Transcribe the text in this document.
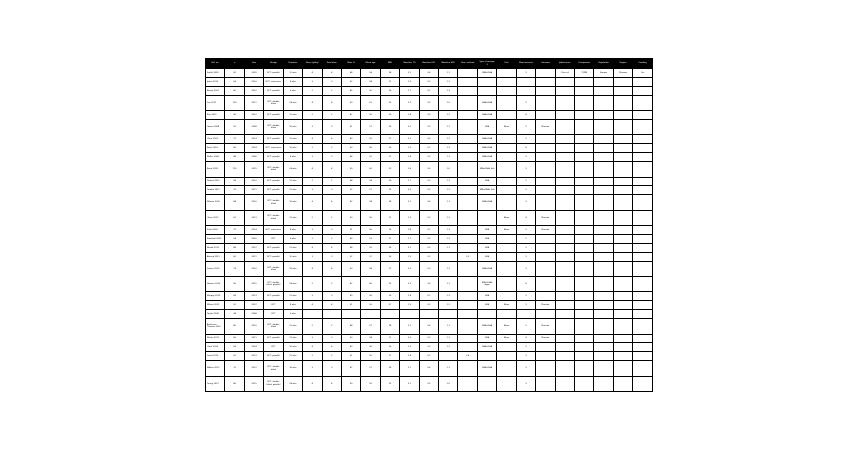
Ref. no.	n	Year	Design	Duration	Dose (g/day)	Total dose	Male %	Mean age	BMI	Baseline TG	Baseline LDL	Baseline HDL	Stat. method	Type of omega-3	Unit	Measurement	Outcome	Jadad score	Comparator	Population	Region	Funding
Smith 2009	82	2009	RCT, parallel	12 wks	4	4	48	54	28	2.1	3.4	1.1		EPA+DHA		3		Olive oil	T2DM	Europe	Pharma	Yes
Jones 2010	64	2010	RCT, cross-over	8 wks	3	3	52	58	27	1.9	3.2	1.2										
Brown 2007	40	2007	RCT, parallel	6 wks	2	2	45	50	26	1.7	3.1	1.3										
Lee 2011	120	2011	RCT, double blind	24 wks	4	4	50	61	29	2.3	3.5	1.0		EPA+DHA		3						
Kim 2012	56	2012	RCT, parallel	12 wks	2	2	47	55	25	1.8	3.0	1.2		EPA+DHA		4						
Garcia 2008	90	2008	RCT, double blind	16 wks	3	3	51	57	28	2.0	3.3	1.1		EPA	Mean	3	Placebo					
Chen 2013	72	2013	RCT, parallel	12 wks	4	4	49	59	27	2.2	3.4	1.2		EPA+DHA		3						
Patel 2014	66	2014	RCT, cross-over	10 wks	2	2	53	56	26	1.9	3.1	1.3		EPA+DHA		4						
Muller 2006	48	2006	RCT, parallel	8 wks	3	3	46	52	27	1.8	3.2	1.1		EPA+DHA		3						
Rossi 2015	110	2015	RCT, double blind	24 wks	4	4	50	60	29	2.4	3.6	1.0		EPA+DHA, fish		3						
Dubois 2012	58	2012	RCT, parallel	12 wks	2	2	48	54	26	1.7	3.0	1.2		EPA		2						
Tanaka 2011	76	2011	RCT, parallel	12 wks	3	3	52	57	25	2.0	3.3	1.2		EPA+DHA, krill		3						
Nilsson 2010	84	2010	RCT, double blind	16 wks	4	4	47	58	28	2.1	3.4	1.1		EPA+DHA		3						
Olsen 2013	62	2013	RCT, double blind	12 wks	2	2	50	55	27	1.9	3.2	1.2			Mean	4	Placebo					
Silva 2014	70	2014	RCT, cross-over	8 wks	3	3	51	56	26	1.8	3.1	1.3		EPA	Mean	3	Placebo					
Kowalski 2009	54	2009	RCT	6 wks	2	2	49	53	27	1.7	3.0	1.2		EPA		2						
Novak 2012	88	2012	RCT, parallel	12 wks	4	4	48	59	28	2.2	3.5	1.1		EPA		3						
Ahmed 2011	60	2011	RCT, parallel	10 wks	3	3	52	57	26	1.9	3.2		2.5	EPA		3						
Ivanov 2010	74	2010	RCT, double blind	16 wks	4	4	50	58	27	2.0	3.3	1.2		EPA+DHA		3						
Hansen 2015	96	2015	RCT, double blind, parallel	24 wks	2	2	47	60	29	2.3	3.6	1.1		EPA+DHA, algae		4						
Murphy 2013	68	2013	RCT, parallel	12 wks	3	3	49	56	26	1.8	3.1	1.2		EPA		3						
Wilson 2012	52	2012	RCT	8 wks	4	4	51	55	27	1.9	3.2	1.2		EPA	Mean	3	Placebo					
Taylor 2008	44	2008	RCT	6 wks																		
Anderson Thomas 2010	80	2010	RCT, double blind	12 wks	2	2	48	57	28	2.1	3.4	1.1		EPA+DHA	Mean	3	Placebo					
Martin 2011	66	2011	RCT, parallel	12 wks	3	3	50	58	27	2.0	3.3	1.2		EPA	Mean	4	Placebo					
Clark 2014	58	2014	RCT	10 wks	4	4	49	56	26	1.9	3.2	1.2		EPA+DHA		3						
Lewis 2013	62	2013	RCT, parallel	12 wks	2	2	51	55	27	1.8	3.1		2.4			3						
Walker 2012	70	2012	RCT, double blind	16 wks	3	3	47	57	28	2.1	3.4	1.1		EPA+DHA		3						
Young 2015	86	2015	RCT, double blind, parallel	24 wks	4	4	50	59	29	2.2	3.5	1.0				3						
